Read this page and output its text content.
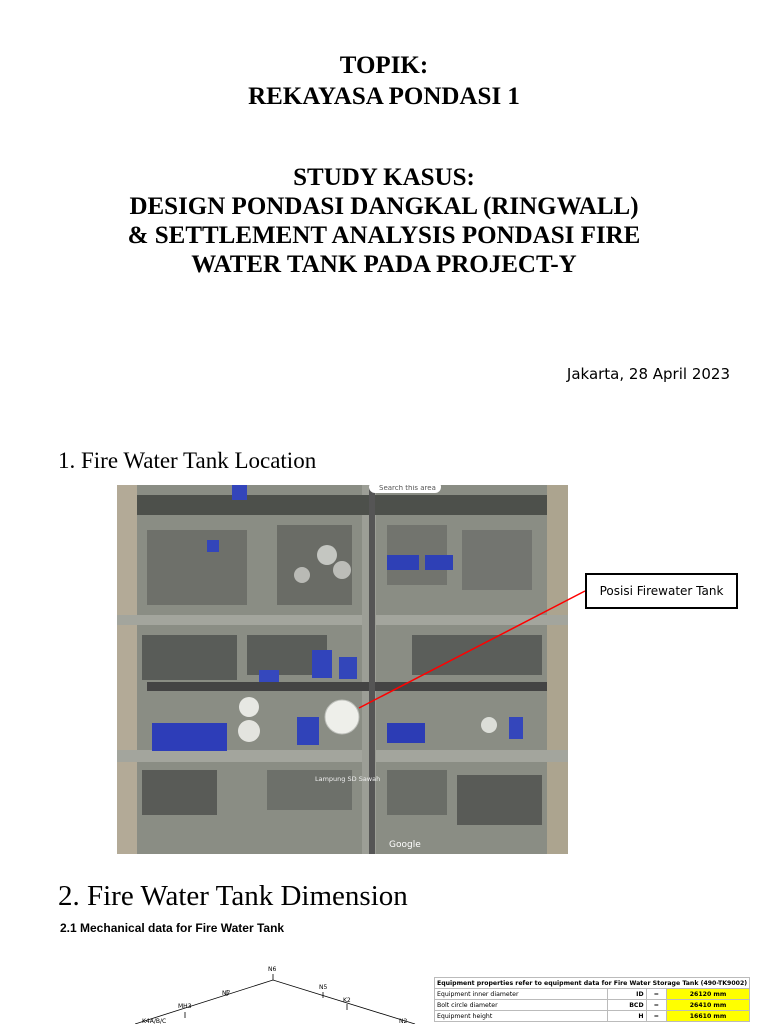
TOPIK:
REKAYASA PONDASI 1
STUDY KASUS:
DESIGN PONDASI DANGKAL (RINGWALL)
& SETTLEMENT ANALYSIS PONDASI FIRE
WATER TANK PADA PROJECT-Y
Jakarta, 28 April 2023
1. Fire Water Tank Location
Search this area
Lampung SD Sawah
Google
Posisi Firewater Tank
2. Fire Water Tank Dimension
2.1 Mechanical data for Fire Water Tank
N6
N7
N5
MH3
K2
K4A/B/C	N2
Equipment properties refer to equipment data for Fire Water Storage Tank (490-TK9002)			
Equipment inner diameter	ID	=	26120 mm
Bolt circle diameter	BCD	=	26410 mm
Equipment height	H	=	16610 mm
